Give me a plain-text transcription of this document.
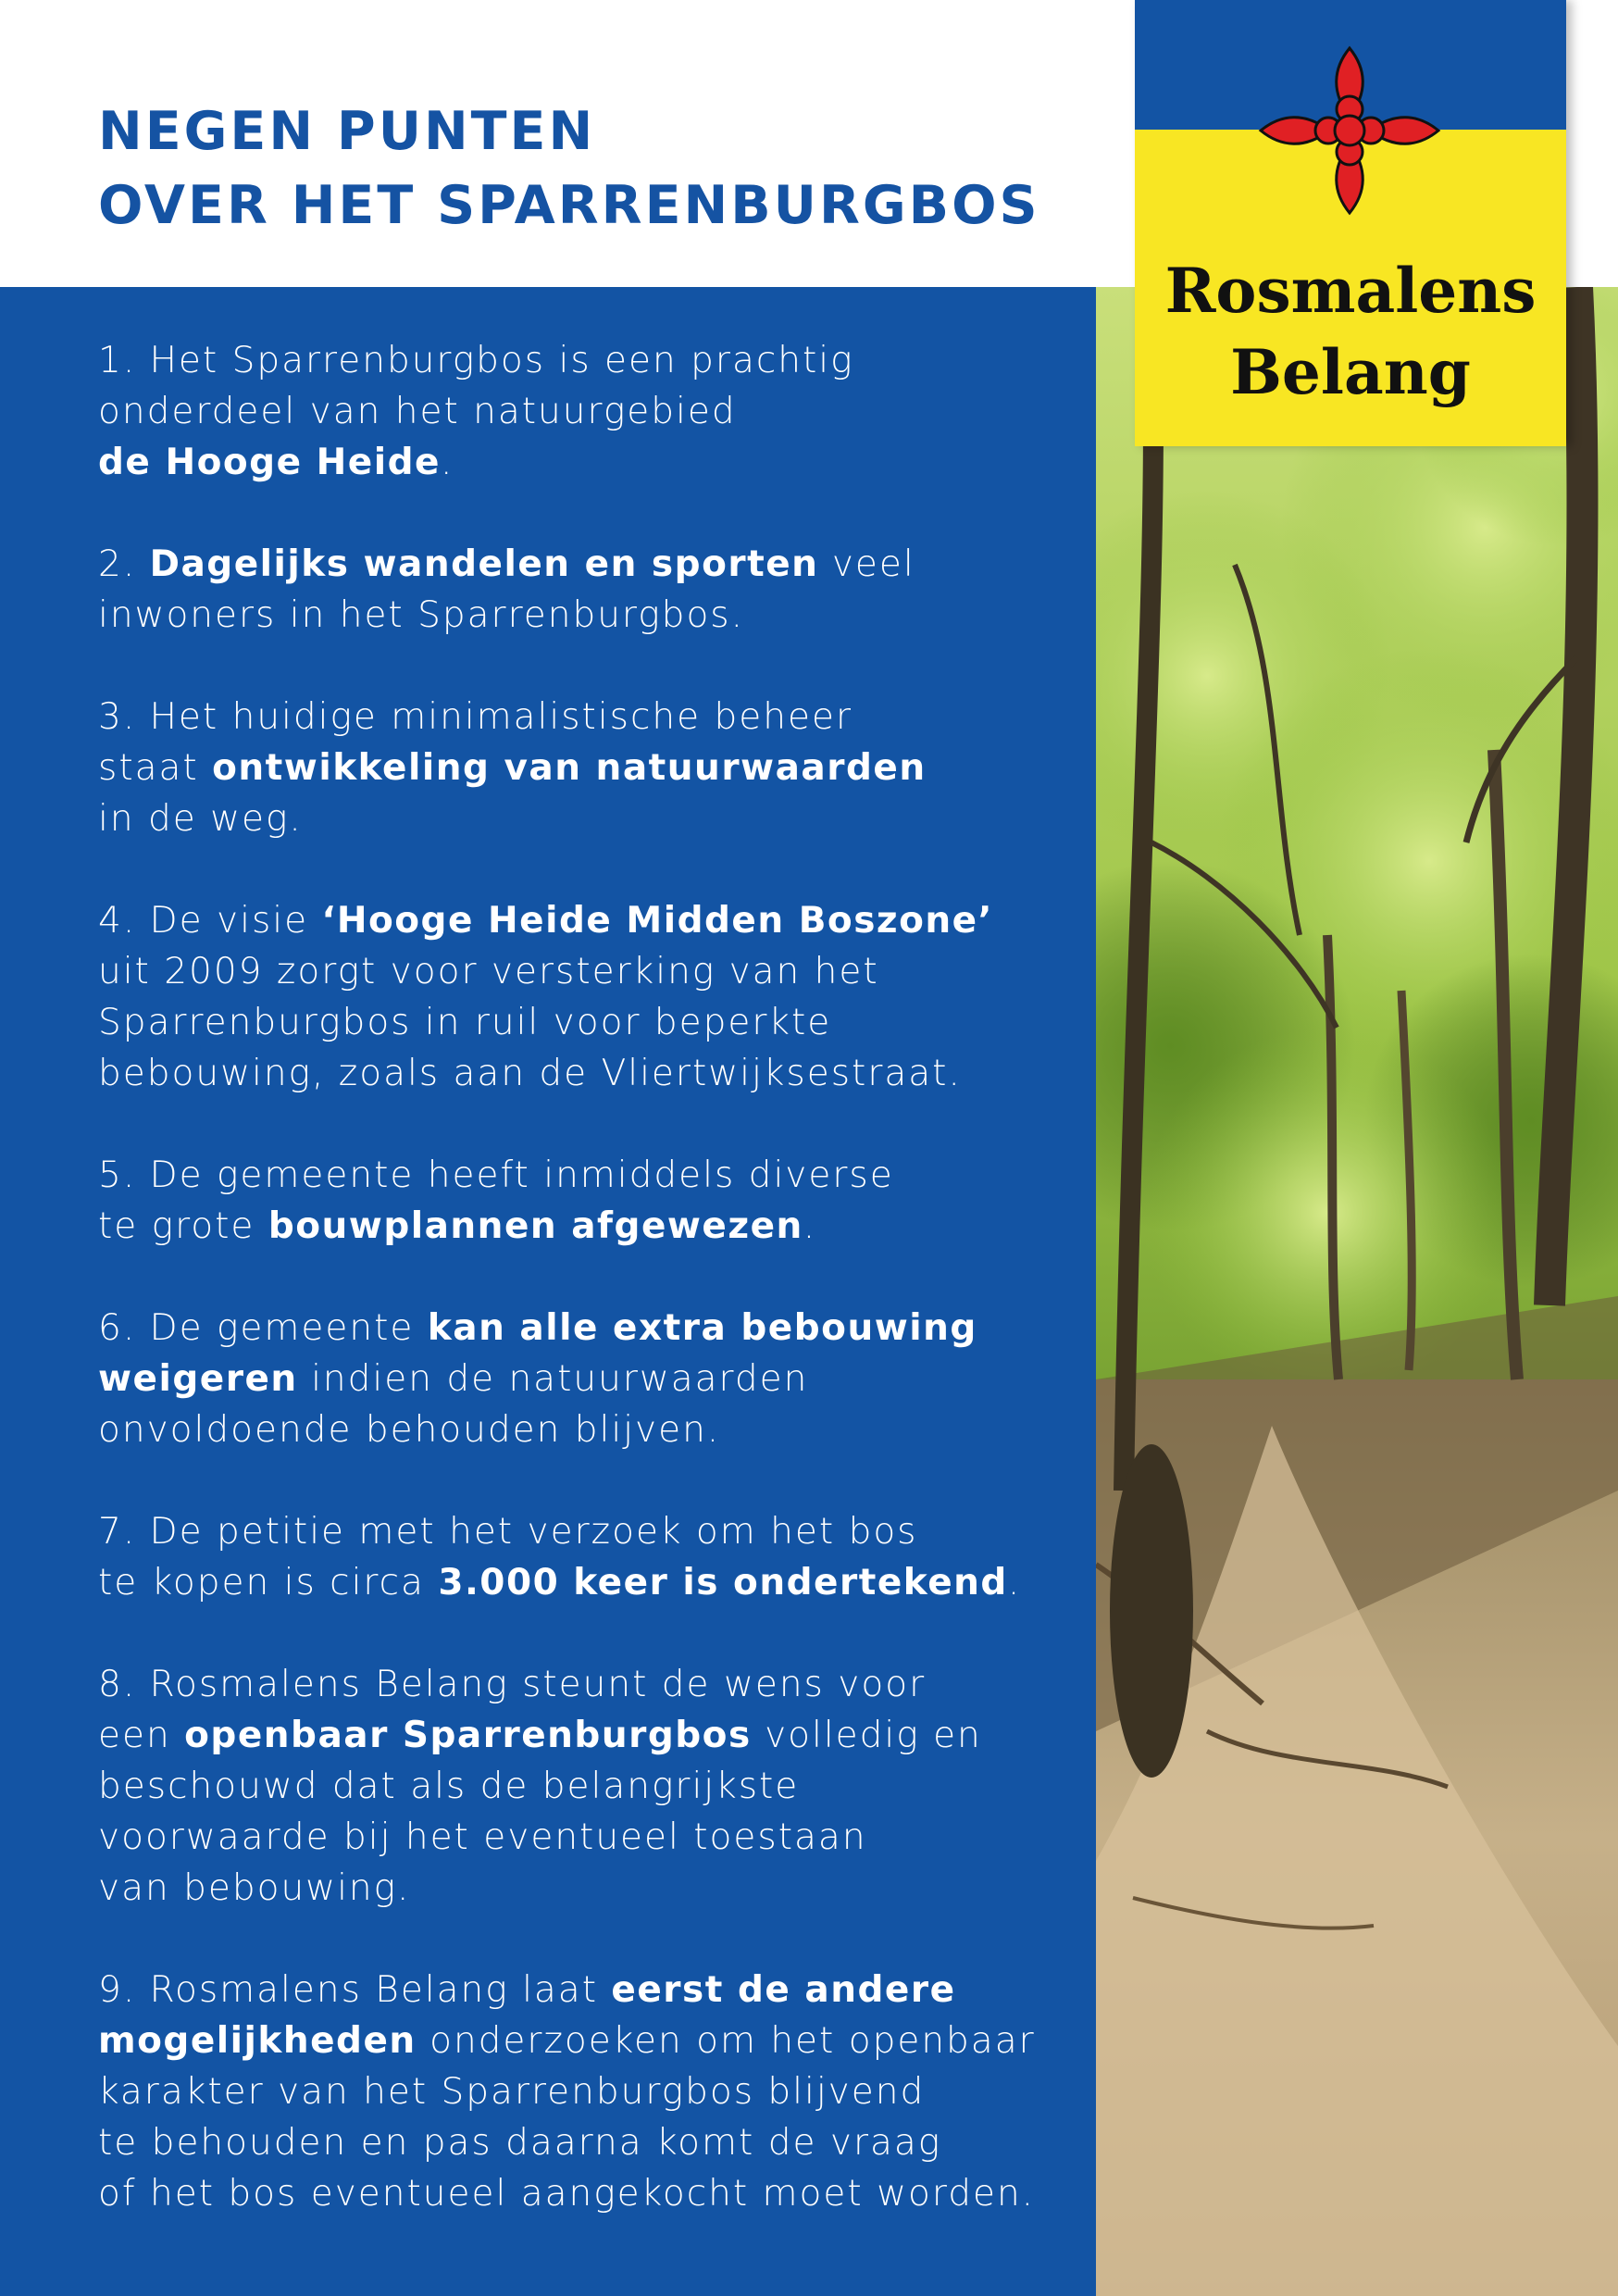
NEGEN PUNTEN
OVER HET SPARRENBURGBOS
Rosmalens
Belang

1. Het Sparrenburgbos is een prachtig
onderdeel van het natuurgebied
de Hooge Heide.

2. Dagelijks wandelen en sporten veel
inwoners in het Sparrenburgbos.

3. Het huidige minimalistische beheer
staat ontwikkeling van natuurwaarden
in de weg.

4. De visie ‘Hooge Heide Midden Boszone’
uit 2009 zorgt voor versterking van het
Sparrenburgbos in ruil voor beperkte
bebouwing, zoals aan de Vliertwijksestraat.

5. De gemeente heeft inmiddels diverse
te grote bouwplannen afgewezen.

6. De gemeente kan alle extra bebouwing
weigeren indien de natuurwaarden
onvoldoende behouden blijven.

7. De petitie met het verzoek om het bos
te kopen is circa 3.000 keer is ondertekend.

8. Rosmalens Belang steunt de wens voor
een openbaar Sparrenburgbos volledig en
beschouwd dat als de belangrijkste
voorwaarde bij het eventueel toestaan
van bebouwing.

9. Rosmalens Belang laat eerst de andere
mogelijkheden onderzoeken om het openbaar
karakter van het Sparrenburgbos blijvend
te behouden en pas daarna komt de vraag
of het bos eventueel aangekocht moet worden.
